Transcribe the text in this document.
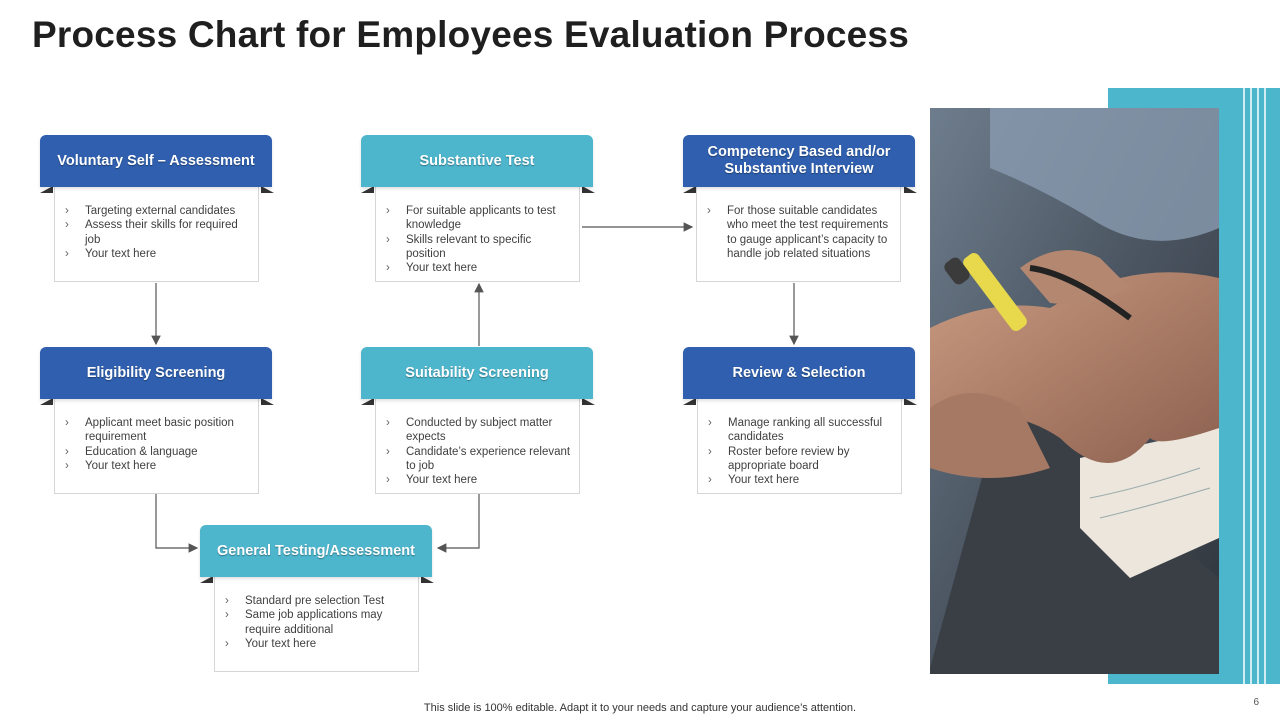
Process Chart for Employees Evaluation Process
› Targeting external candidates
› Assess their skills for required job
› Your text here
Voluntary Self – Assessment
› For suitable applicants to test knowledge
› Skills relevant to specific position
› Your text here
Substantive Test
› For those suitable candidates who meet the test requirements to gauge applicant’s capacity to handle job related situations
Competency Based and/or Substantive Interview
› Applicant meet basic position requirement
› Education & language
› Your text here
Eligibility Screening
› Conducted by subject matter expects
› Candidate’s experience relevant to job
› Your text here
Suitability Screening
› Manage ranking all successful candidates
› Roster before review by appropriate board
› Your text here
Review & Selection
› Standard pre selection Test
› Same job applications may require additional
› Your text here
General Testing/Assessment
This slide is 100% editable. Adapt it to your needs and capture your audience’s attention.	6
